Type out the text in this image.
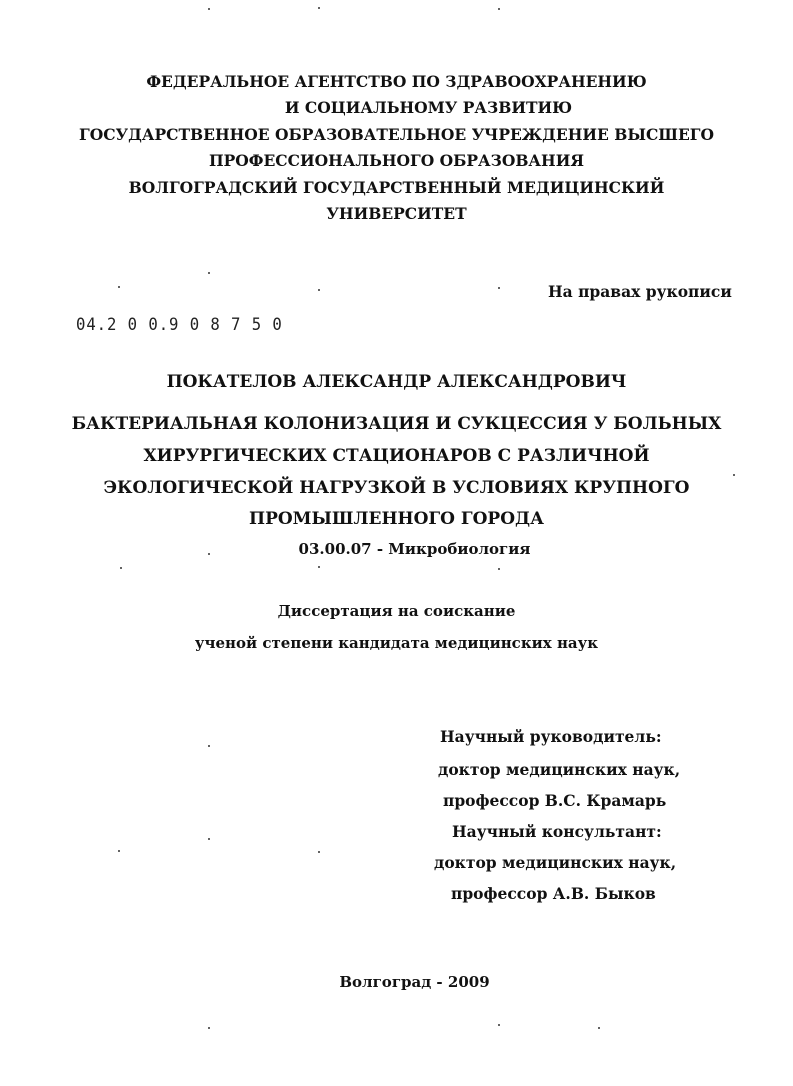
ФЕДЕРАЛЬНОЕ АГЕНТСТВО ПО ЗДРАВООХРАНЕНИЮ
И СОЦИАЛЬНОМУ РАЗВИТИЮ
ГОСУДАРСТВЕННОЕ ОБРАЗОВАТЕЛЬНОЕ УЧРЕЖДЕНИЕ ВЫСШЕГО
ПРОФЕССИОНАЛЬНОГО ОБРАЗОВАНИЯ
ВОЛГОГРАДСКИЙ ГОСУДАРСТВЕННЫЙ МЕДИЦИНСКИЙ
УНИВЕРСИТЕТ
На правах рукописи
04.2 0 0.9 0 8 7 5 0
ПОКАТЕЛОВ АЛЕКСАНДР АЛЕКСАНДРОВИЧ
БАКТЕРИАЛЬНАЯ КОЛОНИЗАЦИЯ И СУКЦЕССИЯ У БОЛЬНЫХ
ХИРУРГИЧЕСКИХ СТАЦИОНАРОВ С РАЗЛИЧНОЙ
ЭКОЛОГИЧЕСКОЙ НАГРУЗКОЙ В УСЛОВИЯХ КРУПНОГО
ПРОМЫШЛЕННОГО ГОРОДА
03.00.07 - Микробиология
Диссертация на соискание
ученой степени кандидата медицинских наук
Научный руководитель:
доктор медицинских наук,
профессор В.С. Крамарь
Научный консультант:
доктор медицинских наук,
профессор А.В. Быков
Волгоград - 2009
